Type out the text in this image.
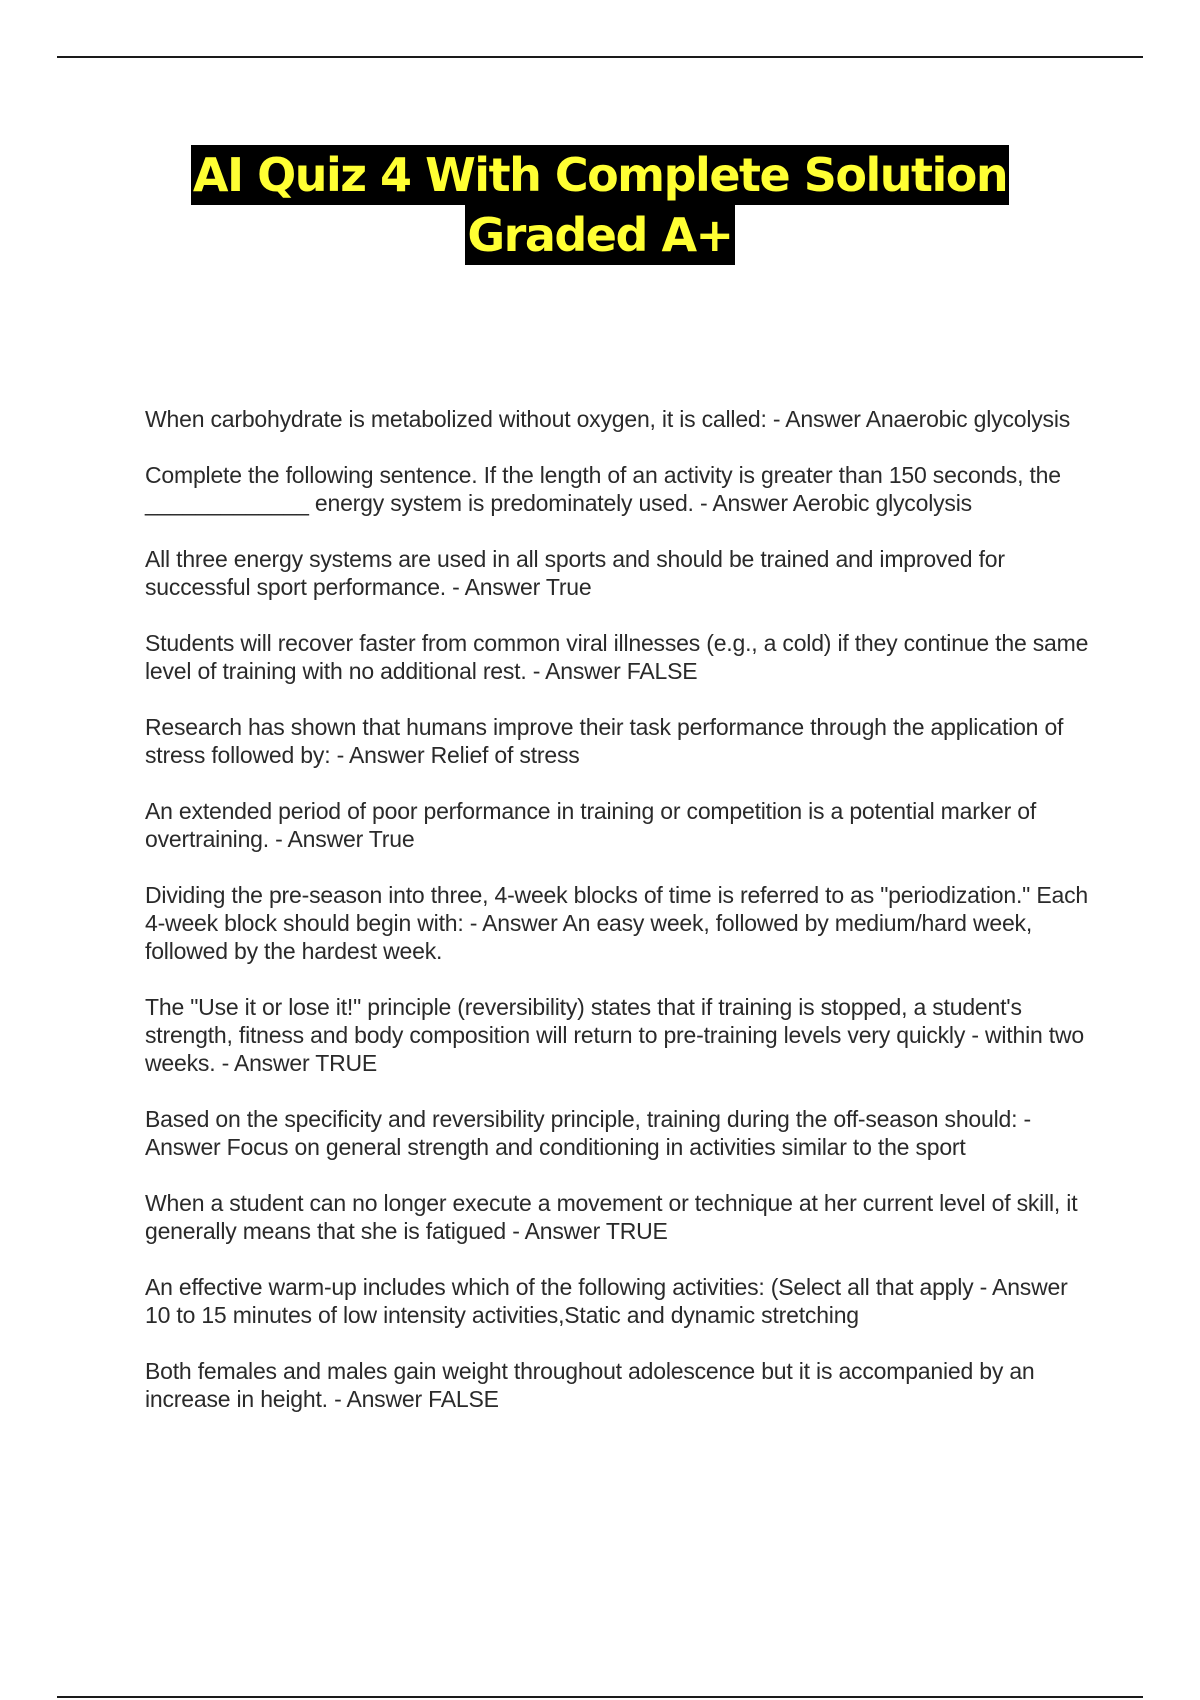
AI Quiz 4 With Complete Solution
Graded A+

When carbohydrate is metabolized without oxygen, it is called: - Answer Anaerobic glycolysis

Complete the following sentence. If the length of an activity is greater than 150 seconds, the _____________ energy system is predominately used. - Answer Aerobic glycolysis

All three energy systems are used in all sports and should be trained and improved for successful sport performance. - Answer True

Students will recover faster from common viral illnesses (e.g., a cold) if they continue the same level of training with no additional rest. - Answer FALSE

Research has shown that humans improve their task performance through the application of stress followed by: - Answer Relief of stress

An extended period of poor performance in training or competition is a potential marker of overtraining. - Answer True

Dividing the pre-season into three, 4-week blocks of time is referred to as "periodization." Each 4-week block should begin with: - Answer An easy week, followed by medium/hard week, followed by the hardest week.

The "Use it or lose it!" principle (reversibility) states that if training is stopped, a student's strength, fitness and body composition will return to pre-training levels very quickly - within two weeks. - Answer TRUE

Based on the specificity and reversibility principle, training during the off-season should: - Answer Focus on general strength and conditioning in activities similar to the sport

When a student can no longer execute a movement or technique at her current level of skill, it generally means that she is fatigued - Answer TRUE

An effective warm-up includes which of the following activities: (Select all that apply - Answer 10 to 15 minutes of low intensity activities,Static and dynamic stretching

Both females and males gain weight throughout adolescence but it is accompanied by an increase in height. - Answer FALSE
